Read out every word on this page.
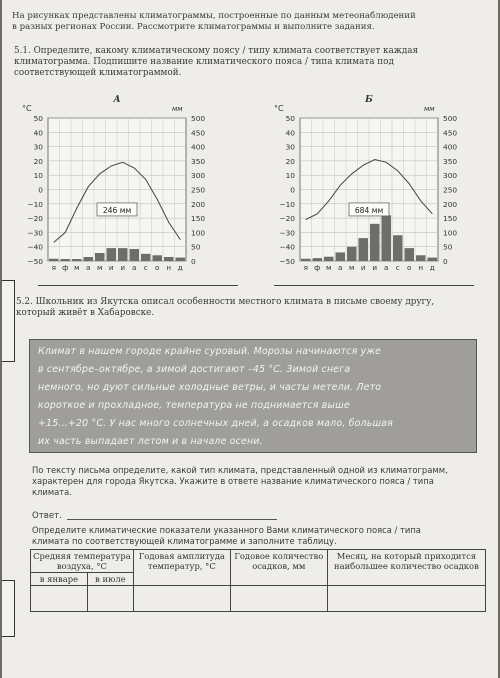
На рисунках представлены климатограммы, построенные по данным метеонаблюдений

в разных регионах России. Рассмотрите климатограммы и выполните задания.

5.1. Определите, какому климатическому поясу / типу климата соответствует каждая

климатограмма. Подпишите название климатического пояса / типа климата под

соответствующей климатограммой.

А
°C	мм
50
40
30
20
10
0
−10
−20
−30
−40
−50
500
450
400
350
300
250
200
150
100
50
0
246 мм
я ф м а м и и а с о н д
Б
°C	мм
50
40
30
20
10
0
−10
−20
−30
−40
−50
500
450
400
350
300
250
200
150
100
50
0
684 мм
я ф м а м и и а с о н д

5.2. Школьник из Якутска описал особенности местного климата в письме своему другу,

который живёт в Хабаровске.

Климат в нашем городе крайне суровый. Морозы начинаются уже
в сентябре–октябре, а зимой достигают –45 °С. Зимой снега
немного, но дуют сильные холодные ветры, и часты метели. Лето
короткое и прохладное, температура не поднимается выше
+15...+20 °С. У нас много солнечных дней, а осадков мало, большая
их часть выпадает летом и в начале осени.

По тексту письма определите, какой тип климата, представленный одной из климатограмм,

характерен для города Якутска. Укажите в ответе название климатического пояса / типа

климата.

Ответ.

Определите климатические показатели указанного Вами климатического пояса / типа

климата по соответствующей климатограмме и заполните таблицу.

Средняя температура воздуха, °С		Годовая амплитуда температур, °С	Годовое количество осадков, мм	Месяц, на который приходится наибольшее количество осадков
в январе	в июле			
